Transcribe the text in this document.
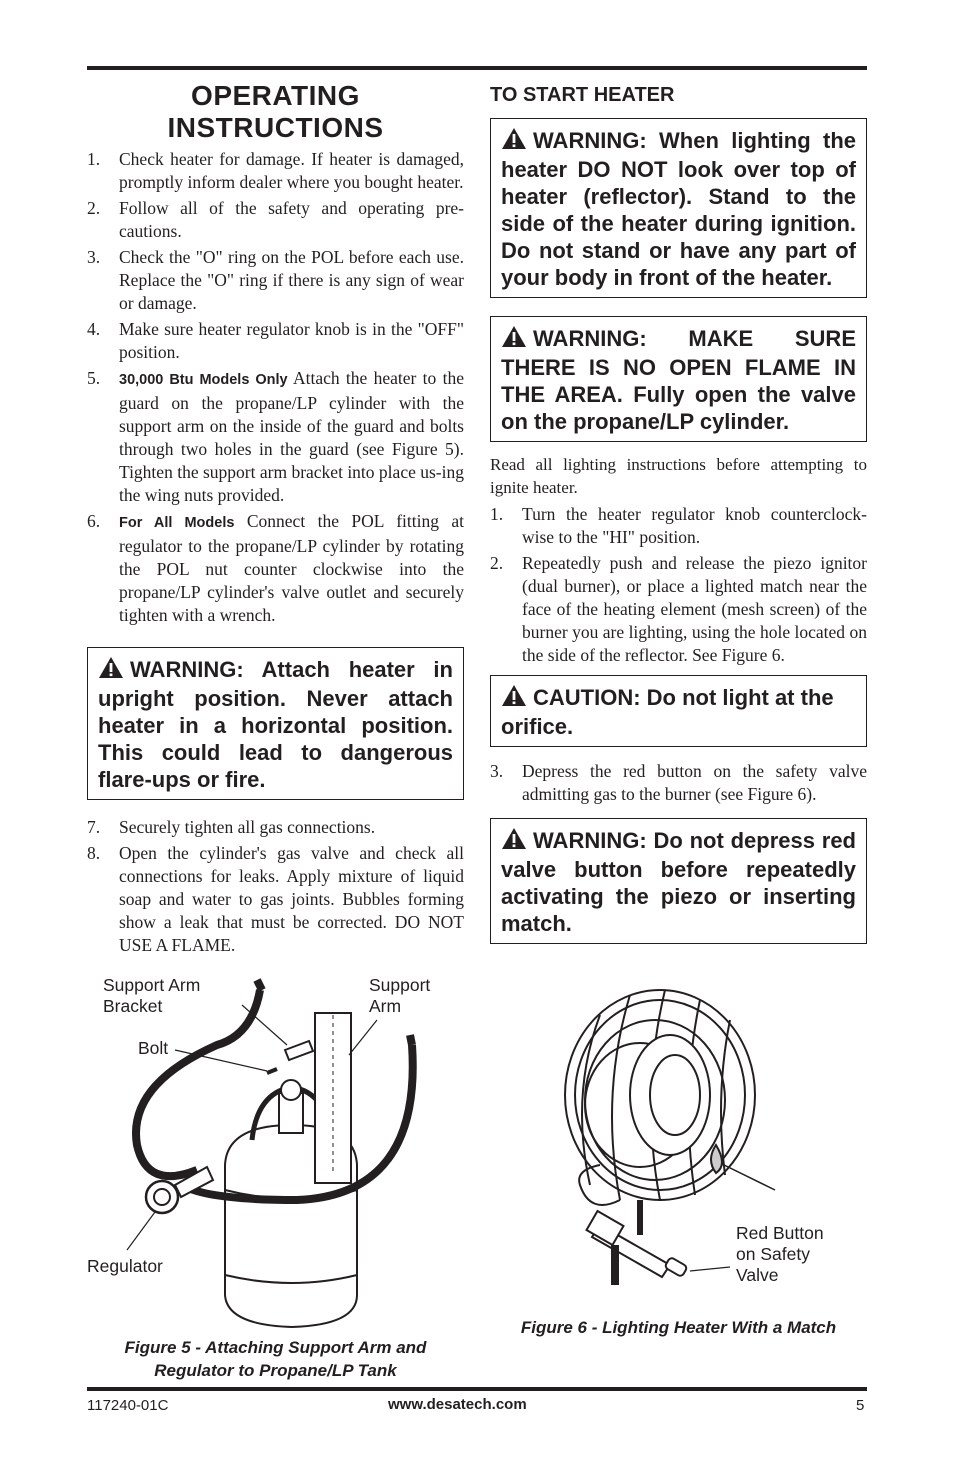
OPERATING
INSTRUCTIONS
1. Check heater for damage. If heater is damaged, promptly inform dealer where you bought heater.
2. Follow all of the safety and operating pre-cautions.
3. Check the "O" ring on the POL before each use. Replace the "O" ring if there is any sign of wear or damage.
4. Make sure heater regulator knob is in the "OFF" position.
5. 30,000 Btu Models Only Attach the heater to the guard on the propane/LP cylinder with the support arm on the inside of the guard and bolts through two holes in the guard (see Figure 5). Tighten the support arm bracket into place us-ing the wing nuts provided.
6. For All Models Connect the POL fitting at regulator to the propane/LP cylinder by rotating the POL nut counter clockwise into the propane/LP cylinder's valve outlet and securely tighten with a wrench.
WARNING: Attach heater in upright position. Never attach heater in a horizontal position. This could lead to dangerous flare-ups or fire.
7. Securely tighten all gas connections.
8. Open the cylinder's gas valve and check all connections for leaks. Apply mixture of liquid soap and water to gas joints. Bubbles forming show a leak that must be corrected. DO NOT USE A FLAME.
Support Arm
Bracket
Support
Arm
Bolt
Regulator
Figure 5 - Attaching Support Arm and
Regulator to Propane/LP Tank
TO START HEATER
WARNING: When lighting the heater DO NOT look over top of heater (reflector). Stand to the side of the heater during ignition. Do not stand or have any part of your body in front of the heater.
WARNING: MAKE SURE THERE IS NO OPEN FLAME IN THE AREA. Fully open the valve on the propane/LP cylinder.

Read all lighting instructions before attempting to ignite heater.

1. Turn the heater regulator knob counterclock-wise to the "HI" position.
2. Repeatedly push and release the piezo ignitor (dual burner), or place a lighted match near the face of the heating element (mesh screen) of the burner you are lighting, using the hole located on the side of the reflector. See Figure 6.
CAUTION: Do not light at the orifice.
3. Depress the red button on the safety valve admitting gas to the burner (see Figure 6).
WARNING: Do not depress red valve button before repeatedly activating the piezo or inserting match.
Red Button
on Safety
Valve
Figure 6 - Lighting Heater With a Match
117240-01C	www.desatech.com	5
